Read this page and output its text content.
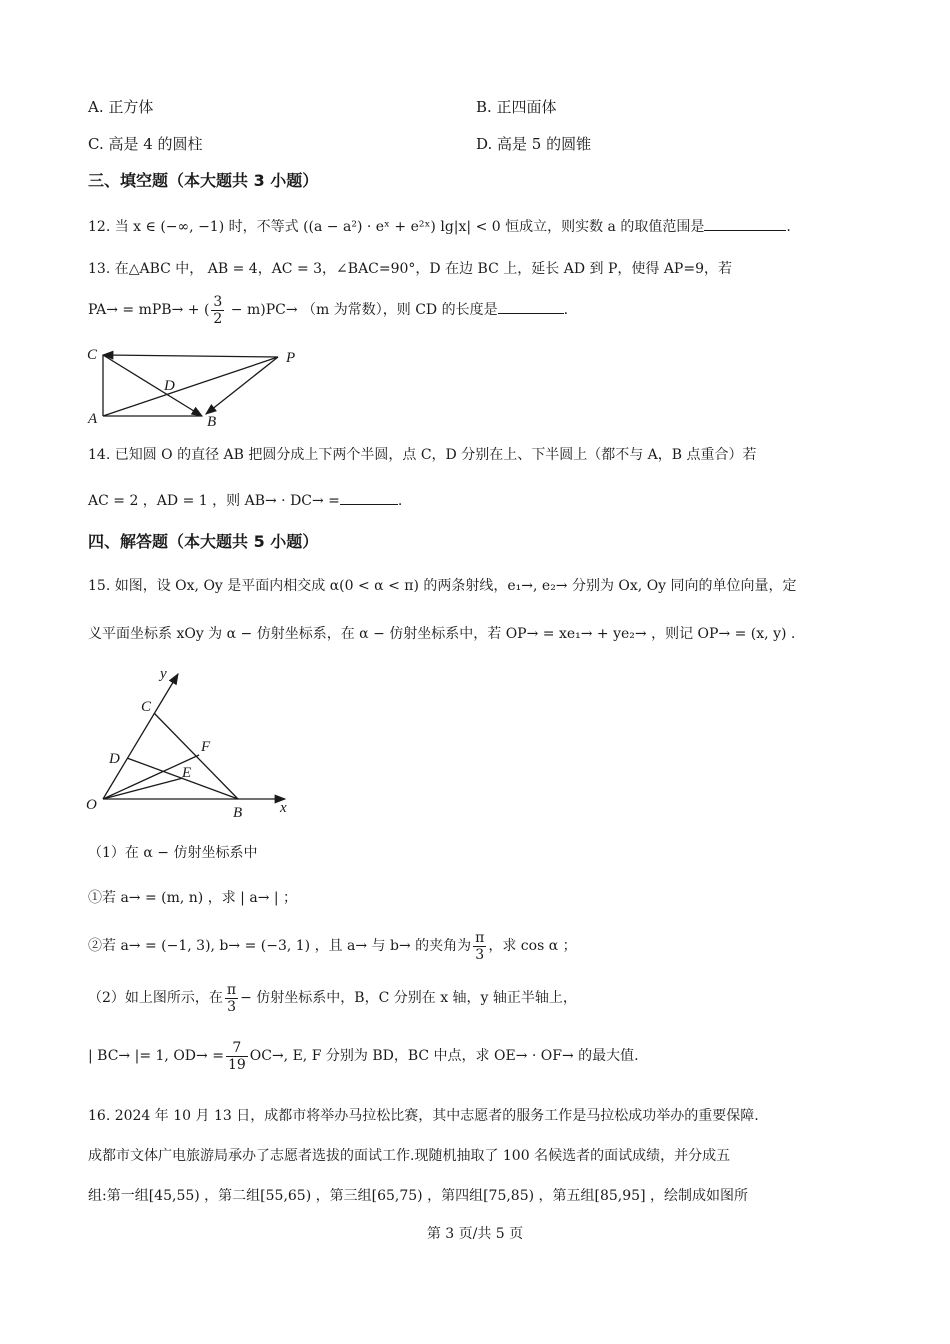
A. 正方体	B. 正四面体
C. 高是 4 的圆柱	D. 高是 5 的圆锥
三、填空题（本大题共 3 小题）
12. 当 x ∈ (−∞, −1) 时，不等式 ((a − a²) · eˣ + e²ˣ) lg|x| < 0 恒成立，则实数 a 的取值范围是	.
13. 在△ABC 中， AB = 4，AC = 3，∠BAC=90°，D 在边 BC 上，延长 AD 到 P，使得 AP=9，若
PA→ = mPB→ + ( $\frac{3}{2} - m)PC\to (m$ 为常数），则 CD 的长度是	.
C
D
A	B
P
14. 已知圆 O 的直径 AB 把圆分成上下两个半圆，点 C，D 分别在上、下半圆上（都不与 A，B 点重合）若
AC = 2 ，AD = 1 ，则 AB→ · DC→ =	.
四、解答题（本大题共 5 小题）
15. 如图，设 Ox, Oy 是平面内相交成 α(0 < α < π) 的两条射线，e₁→, e₂→ 分别为 Ox, Oy 同向的单位向量，定
义平面坐标系 xOy 为 α − 仿射坐标系，在 α − 仿射坐标系中，若 OP→ = xe₁→ + ye₂→ ，则记 OP→ = (x, y) .
y
C
F
D
E
O	B	x
（1）在 α − 仿射坐标系中
①若 a→ = (m, n) ，求 | a→ | ；
②若 a→ = (−1, 3), b→ = (−3, 1) ，且 a→ 与 b→ 的夹角为 $\frac{\pi}{3}$ ，求 cos α ；
（2）如上图所示，在 $\frac{\pi}{3}$ − 仿射坐标系中，B，C 分别在 x 轴，y 轴正半轴上，
| BC→ |= 1, $OD\to = \frac{7}{19} OC\to$, E, F 分别为 BD，BC 中点，求 OE→ · OF→ 的最大值.
16. 2024 年 10 月 13 日，成都市将举办马拉松比赛，其中志愿者的服务工作是马拉松成功举办的重要保障.
成都市文体广电旅游局承办了志愿者选拔的面试工作.现随机抽取了 100 名候选者的面试成绩，并分成五
组:第一组[45,55) ，第二组[55,65) ，第三组[65,75) ，第四组[75,85) ，第五组[85,95] ，绘制成如图所
第 3 页/共 5 页
